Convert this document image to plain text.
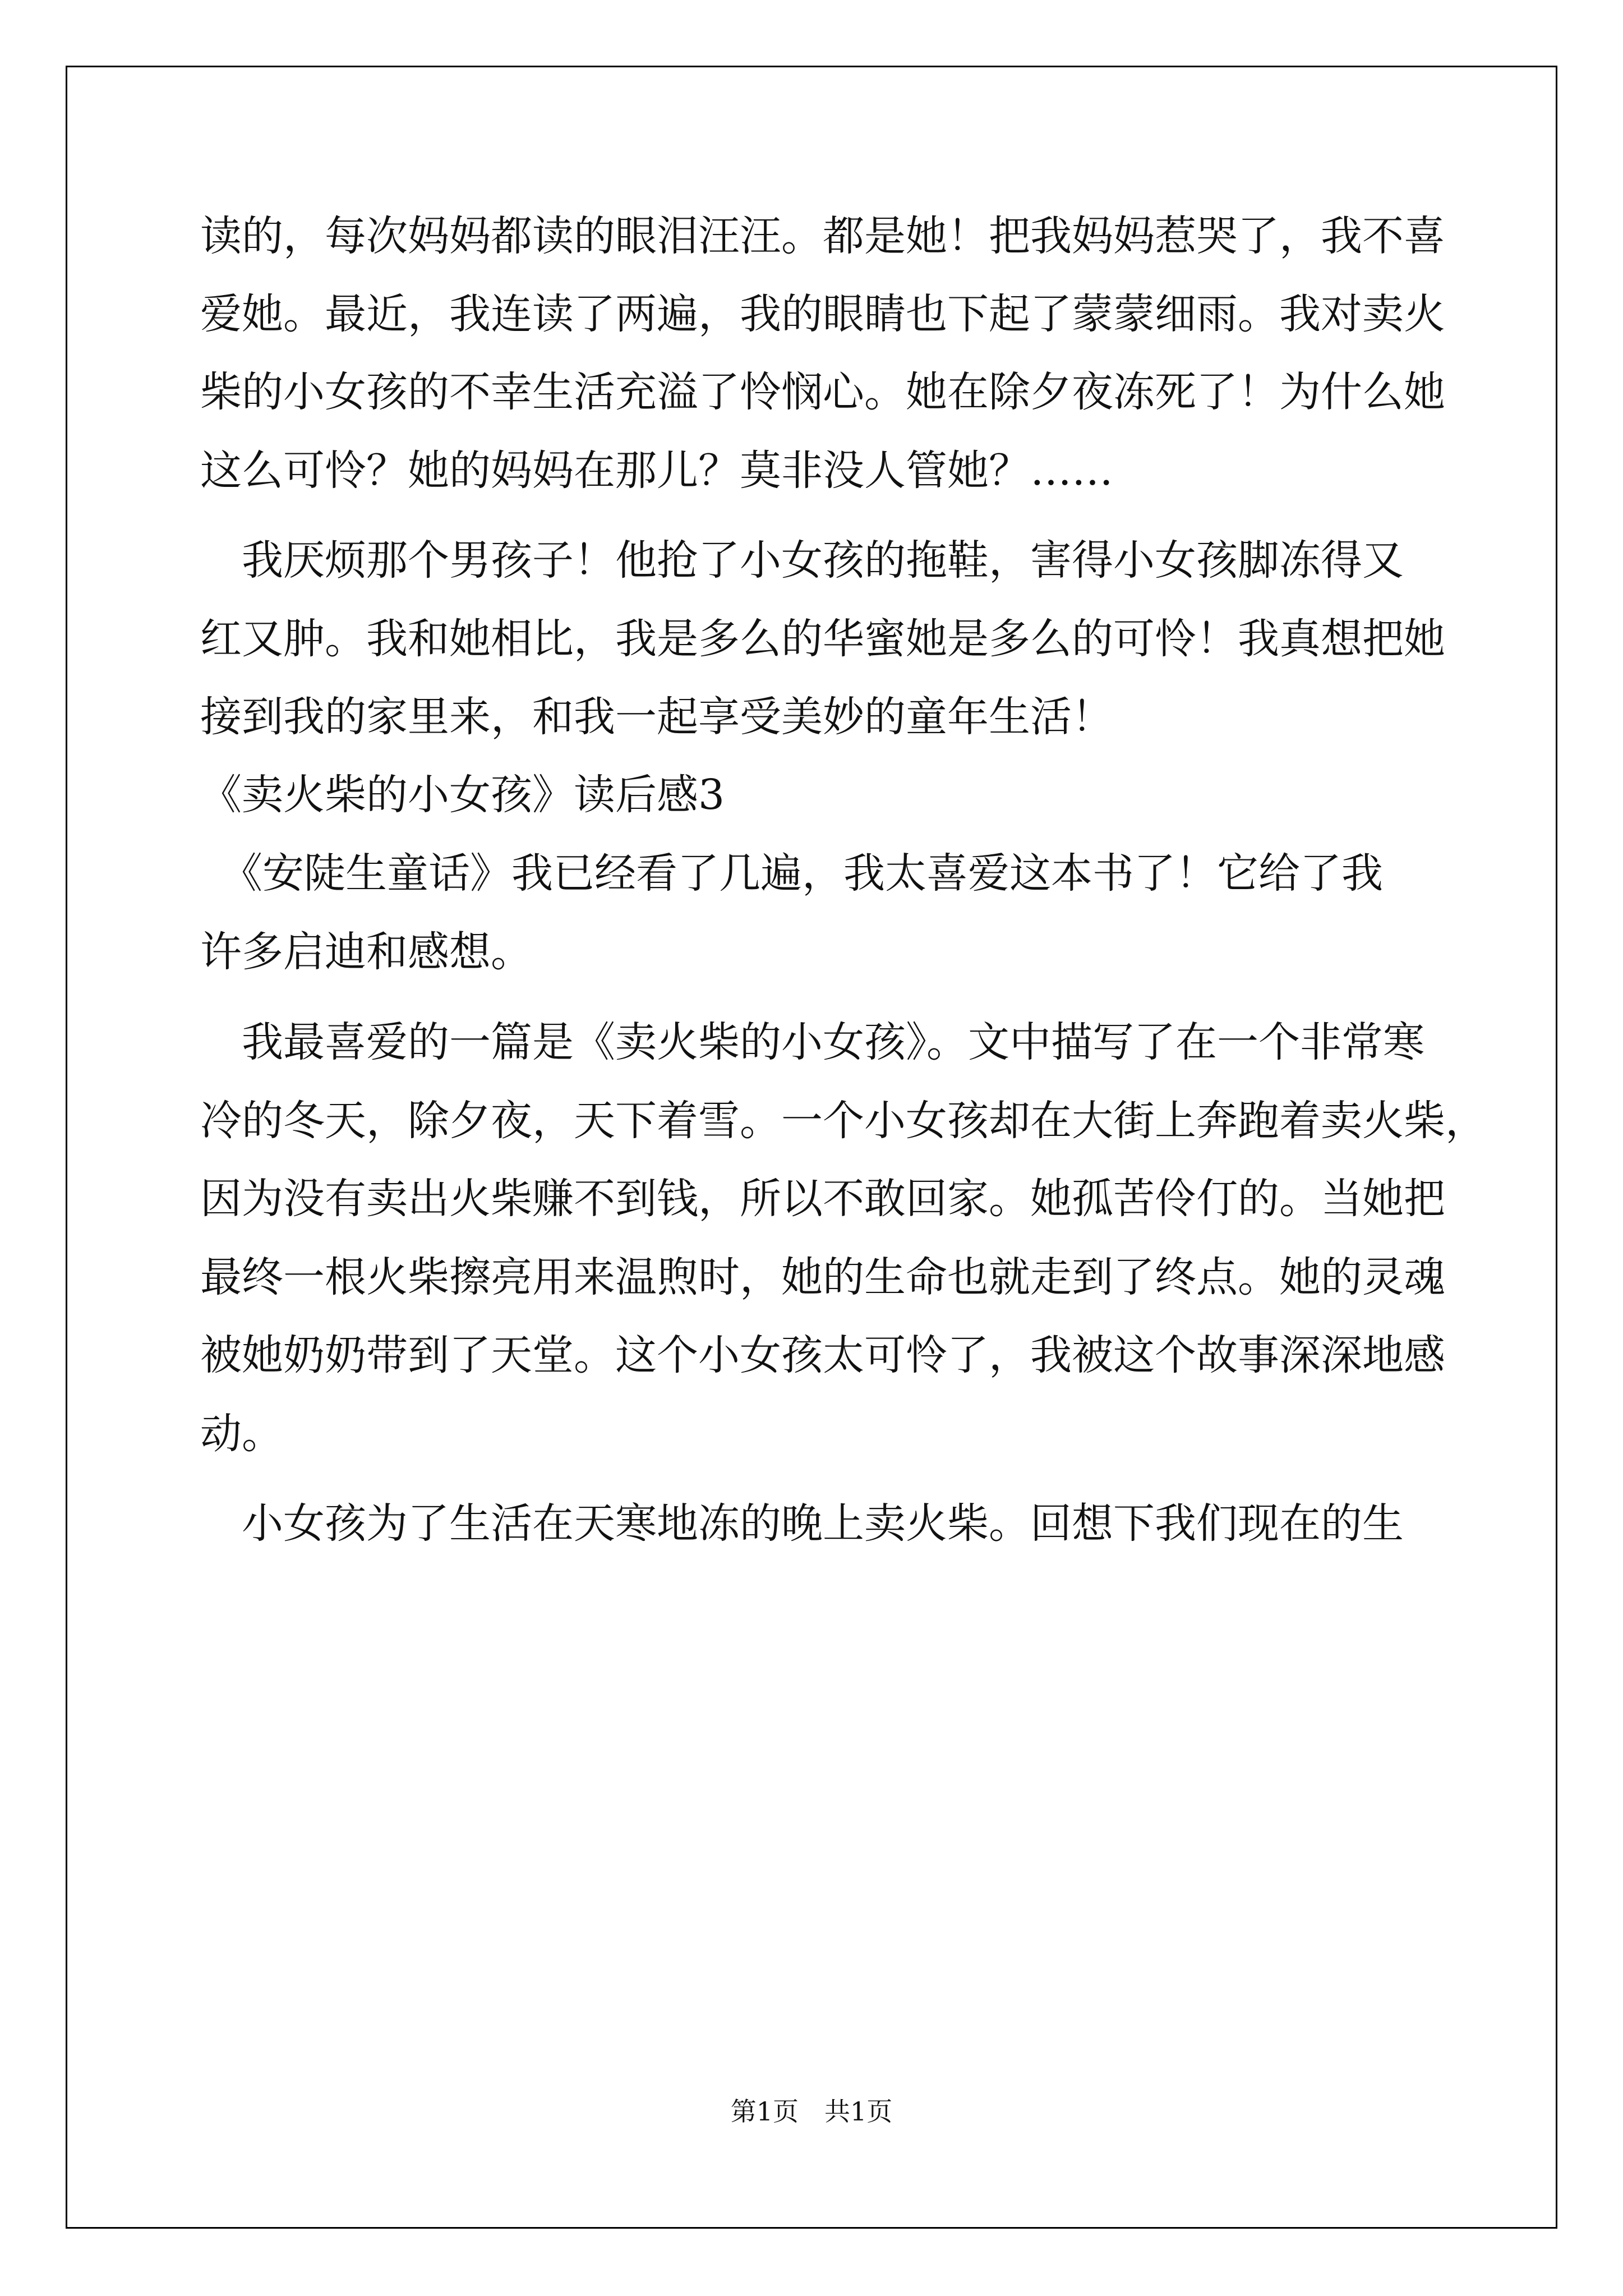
读的，每次妈妈都读的眼泪汪汪。都是她！把我妈妈惹哭了，我不喜
爱她。最近，我连读了两遍，我的眼睛也下起了蒙蒙细雨。我对卖火
柴的小女孩的不幸生活充溢了怜悯心。她在除夕夜冻死了！为什么她
这么可怜？她的妈妈在那儿？莫非没人管她？……
　我厌烦那个男孩子！他抢了小女孩的拖鞋，害得小女孩脚冻得又
红又肿。我和她相比，我是多么的华蜜她是多么的可怜！我真想把她
接到我的家里来，和我一起享受美妙的童年生活！
《卖火柴的小女孩》读后感3
　《安陡生童话》我已经看了几遍，我太喜爱这本书了！它给了我
许多启迪和感想。
　我最喜爱的一篇是《卖火柴的小女孩》。文中描写了在一个非常寒
冷的冬天，除夕夜，天下着雪。一个小女孩却在大街上奔跑着卖火柴，
因为没有卖出火柴赚不到钱，所以不敢回家。她孤苦伶仃的。当她把
最终一根火柴擦亮用来温煦时，她的生命也就走到了终点。她的灵魂
被她奶奶带到了天堂。这个小女孩太可怜了，我被这个故事深深地感
动。
　小女孩为了生活在天寒地冻的晚上卖火柴。回想下我们现在的生
第1页　共1页
